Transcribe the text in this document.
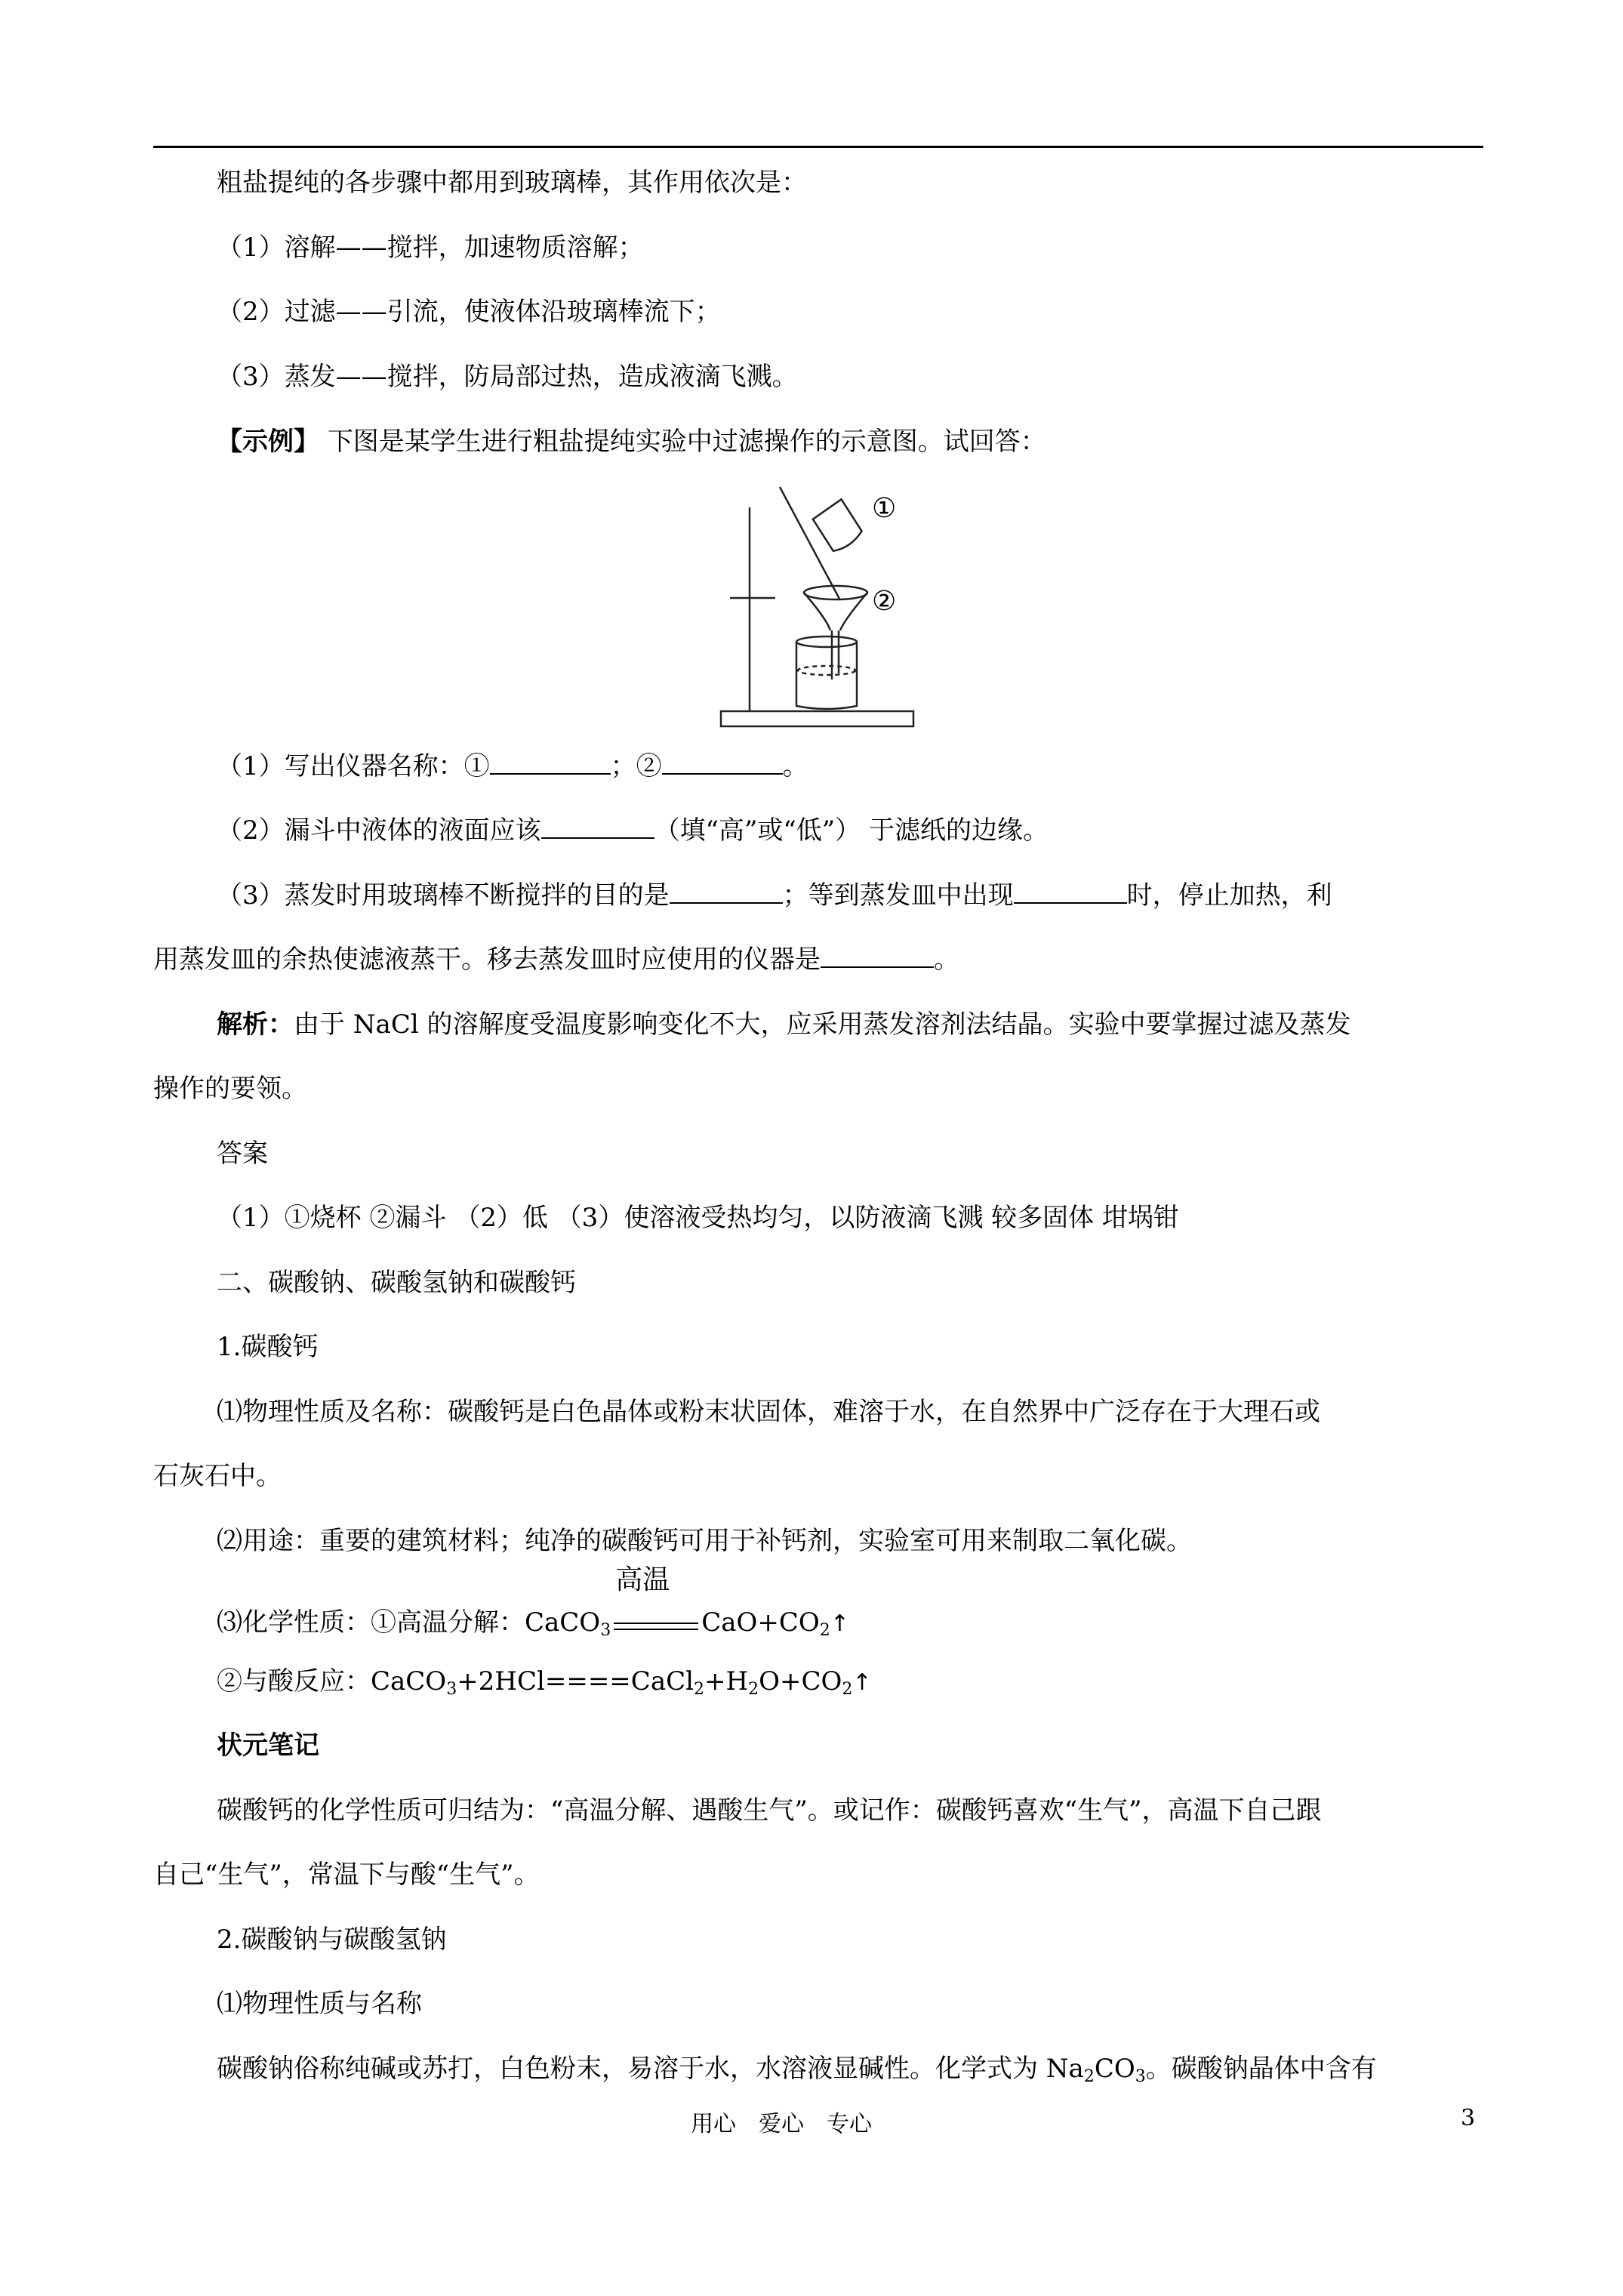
粗盐提纯的各步骤中都用到玻璃棒，其作用依次是：
（1）溶解——搅拌，加速物质溶解；
（2）过滤——引流，使液体沿玻璃棒流下；
（3）蒸发——搅拌，防局部过热，造成液滴飞溅。
【示例】 下图是某学生进行粗盐提纯实验中过滤操作的示意图。试回答：
①
②
（1）写出仪器名称：①	；②	。
（2）漏斗中液体的液面应该	（填“高”或“低”） 于滤纸的边缘。
（3）蒸发时用玻璃棒不断搅拌的目的是	；等到蒸发皿中出现	时，停止加热，利
用蒸发皿的余热使滤液蒸干。移去蒸发皿时应使用的仪器是	。
解析：由于 NaCl 的溶解度受温度影响变化不大，应采用蒸发溶剂法结晶。实验中要掌握过滤及蒸发
操作的要领。
答案
（1）①烧杯 ②漏斗 （2）低 （3）使溶液受热均匀，以防液滴飞溅 较多固体 坩埚钳
二、碳酸钠、碳酸氢钠和碳酸钙
1.碳酸钙
⑴物理性质及名称：碳酸钙是白色晶体或粉末状固体，难溶于水，在自然界中广泛存在于大理石或
石灰石中。
⑵用途：重要的建筑材料；纯净的碳酸钙可用于补钙剂，实验室可用来制取二氧化碳。
⑶化学性质：①高温分解：CaCO$_3$
高温
$CaO+CO_2↑$
②与酸反应：$CaCO_3+2HCl====CaCl_2+H_2O+CO_2↑$
状元笔记
碳酸钙的化学性质可归结为：“高温分解、遇酸生气”。或记作：碳酸钙喜欢“生气”，高温下自己跟
自己“生气”，常温下与酸“生气”。
2.碳酸钠与碳酸氢钠
⑴物理性质与名称
碳酸钠俗称纯碱或苏打，白色粉末，易溶于水，水溶液显碱性。化学式为 $Na_2CO_3$。碳酸钠晶体中含有
用心　爱心　专心	3
